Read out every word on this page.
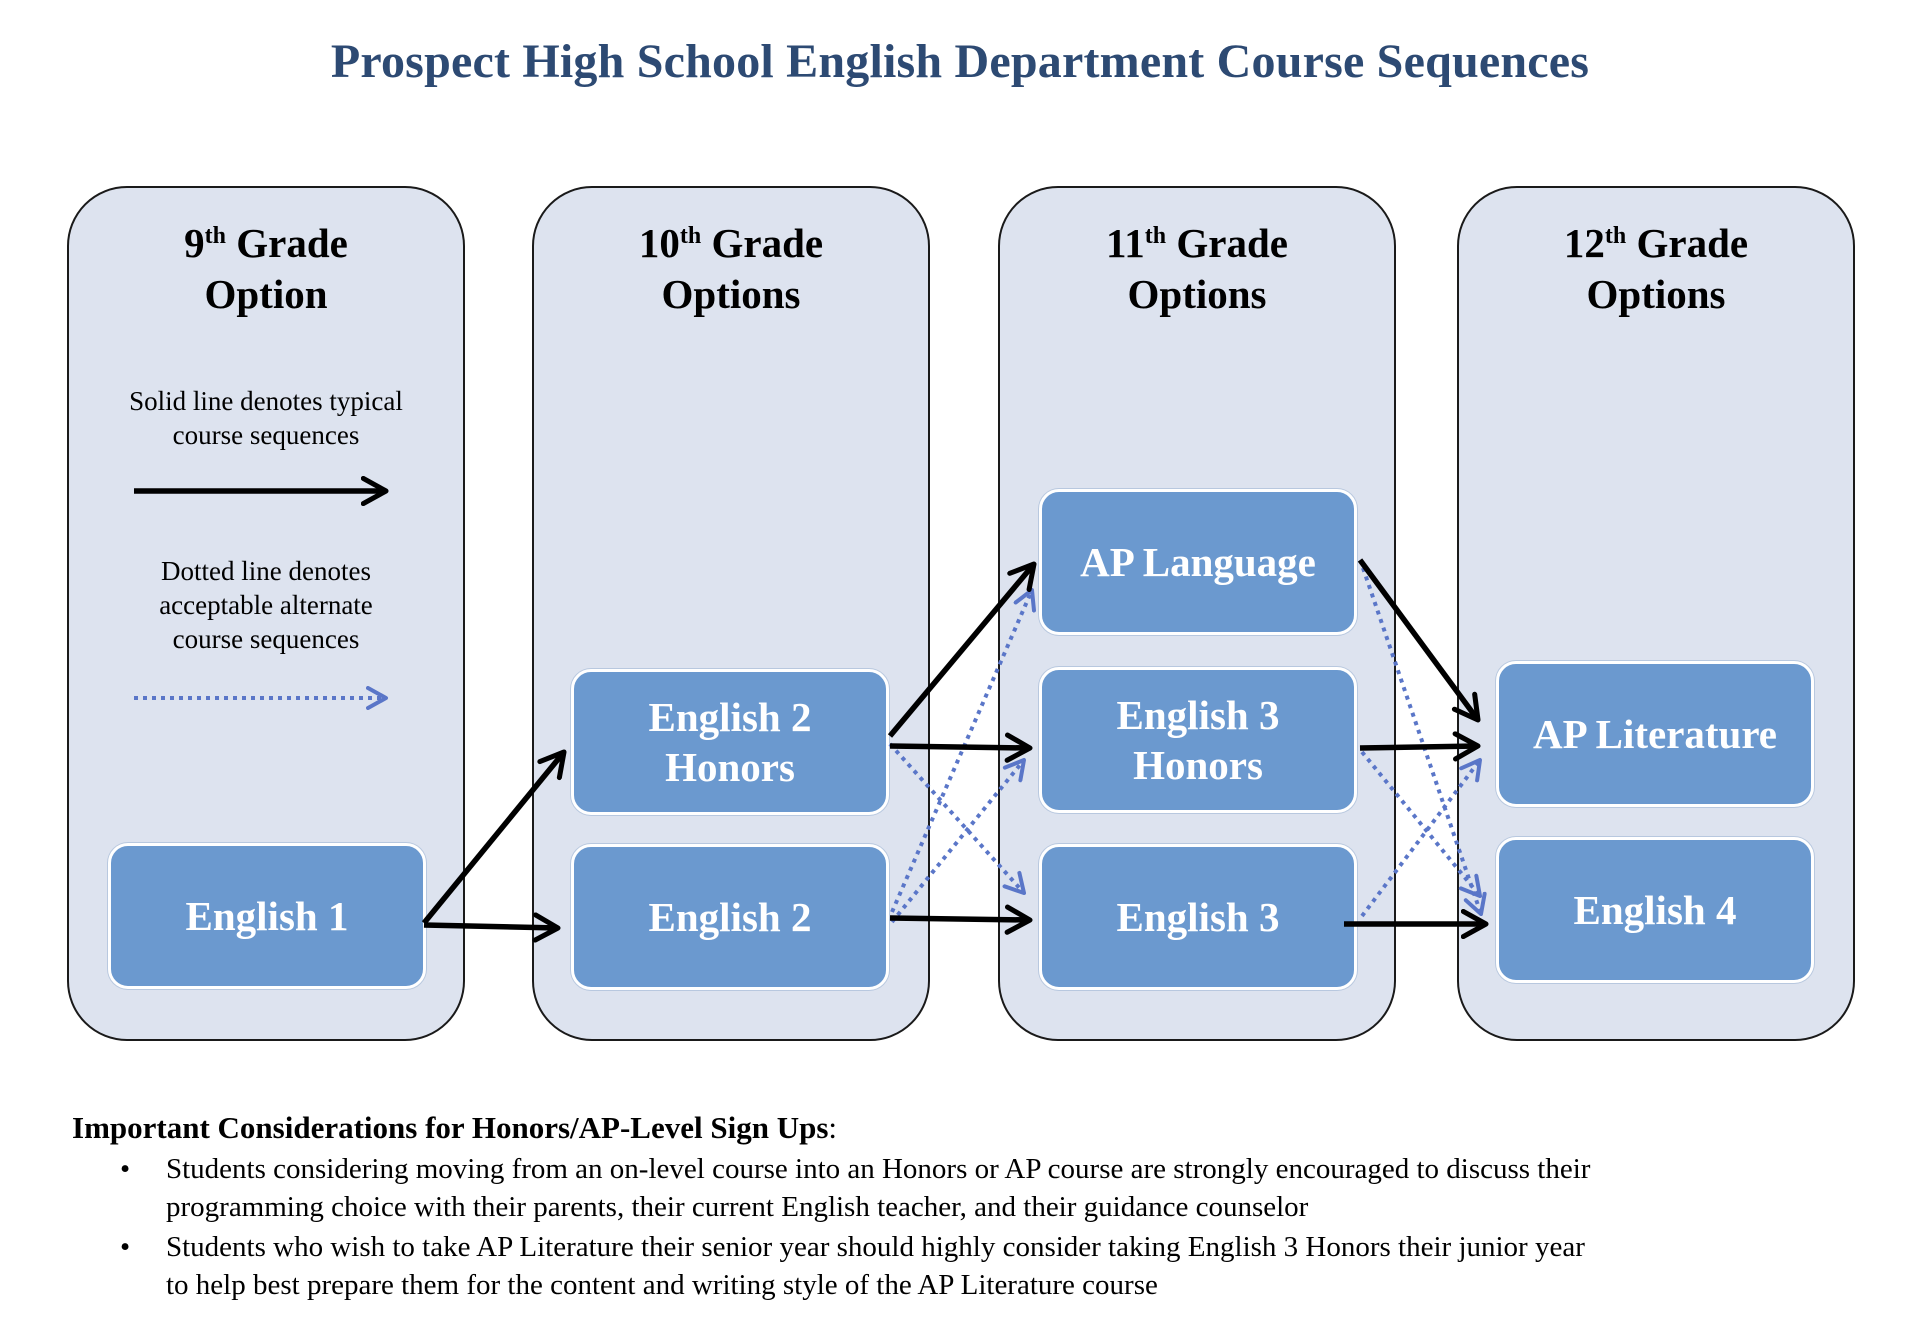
Prospect High School English Department Course Sequences
9th Grade
Option
Solid line denotes typical
course sequences
Dotted line denotes
acceptable alternate
course sequences
10th Grade
Options
11th Grade
Options
12th Grade
Options
English 1
English 2
Honors
English 2
AP Language
English 3
Honors
English 3
AP Literature
English 4
Important Considerations for Honors/AP-Level Sign Ups:
• Students considering moving from an on-level course into an Honors or AP course are strongly encouraged to discuss their
programming choice with their parents, their current English teacher, and their guidance counselor
• Students who wish to take AP Literature their senior year should highly consider taking English 3 Honors their junior year
to help best prepare them for the content and writing style of the AP Literature course
